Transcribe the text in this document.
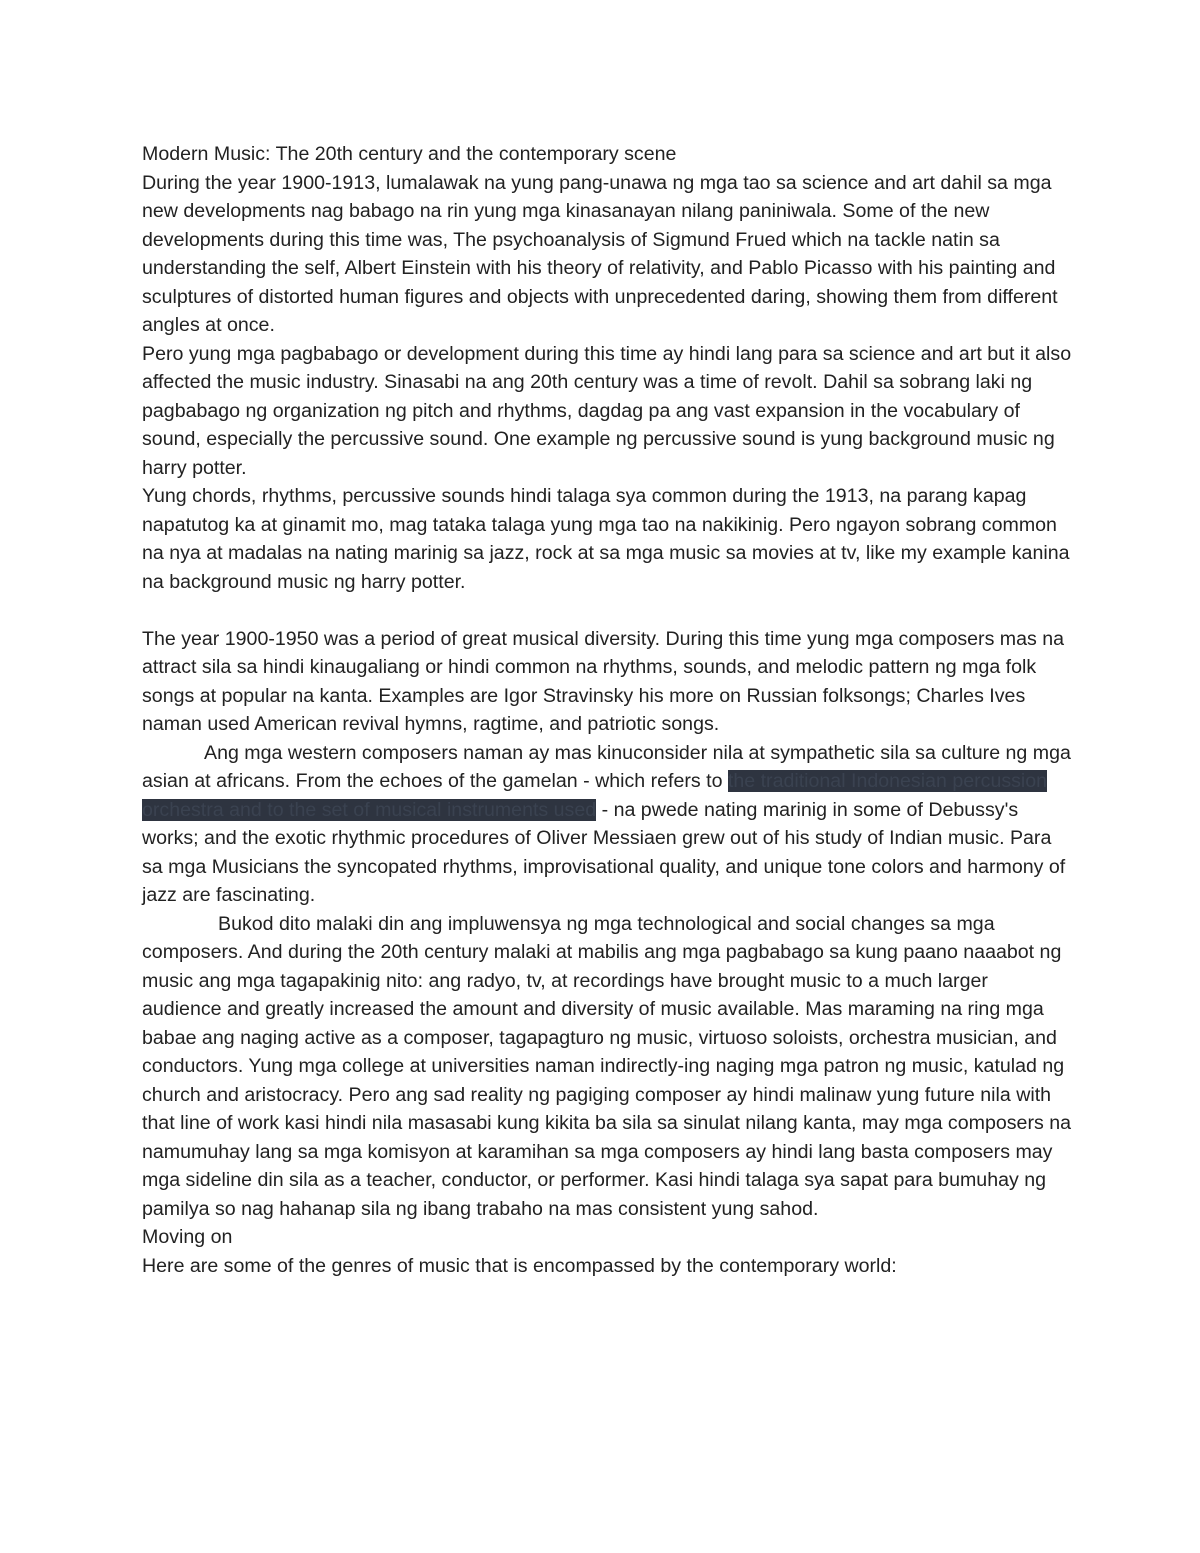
Modern Music: The 20th century and the contemporary scene

During the year 1900-1913, lumalawak na yung pang-unawa ng mga tao sa science and art dahil sa mga new developments nag babago na rin yung mga kinasanayan nilang paniniwala. Some of the new developments during this time was, The psychoanalysis of Sigmund Frued which na tackle natin sa understanding the self, Albert Einstein with his theory of relativity, and Pablo Picasso with his painting and sculptures of distorted human figures and objects with unprecedented daring, showing them from different angles at once.

Pero yung mga pagbabago or development during this time ay hindi lang para sa science and art but it also affected the music industry. Sinasabi na ang 20th century was a time of revolt. Dahil sa sobrang laki ng pagbabago ng organization ng pitch and rhythms, dagdag pa ang vast expansion in the vocabulary of sound, especially the percussive sound. One example ng percussive sound is yung background music ng harry potter.

Yung chords, rhythms, percussive sounds hindi talaga sya common during the 1913, na parang kapag napatutog ka at ginamit mo, mag tataka talaga yung mga tao na nakikinig. Pero ngayon sobrang common na nya at madalas na nating marinig sa jazz, rock at sa mga music sa movies at tv, like my example kanina na background music ng harry potter.

The year 1900-1950 was a period of great musical diversity. During this time yung mga composers mas na attract sila sa hindi kinaugaliang or hindi common na rhythms, sounds, and melodic pattern ng mga folk songs at popular na kanta. Examples are Igor Stravinsky his more on Russian folksongs; Charles Ives naman used American revival hymns, ragtime, and patriotic songs.

Ang mga western composers naman ay mas kinuconsider nila at sympathetic sila sa culture ng mga asian at africans. From the echoes of the gamelan - which refers to the traditional Indonesian percussion orchestra and to the set of musical instruments used - na pwede nating marinig in some of Debussy's works; and the exotic rhythmic procedures of Oliver Messiaen grew out of his study of Indian music. Para sa mga Musicians the syncopated rhythms, improvisational quality, and unique tone colors and harmony of jazz are fascinating.

Bukod dito malaki din ang impluwensya ng mga technological and social changes sa mga composers. And during the 20th century malaki at mabilis ang mga pagbabago sa kung paano naaabot ng music ang mga tagapakinig nito: ang radyo, tv, at recordings have brought music to a much larger audience and greatly increased the amount and diversity of music available. Mas maraming na ring mga babae ang naging active as a composer, tagapagturo ng music, virtuoso soloists, orchestra musician, and conductors. Yung mga college at universities naman indirectly-ing naging mga patron ng music, katulad ng church and aristocracy. Pero ang sad reality ng pagiging composer ay hindi malinaw yung future nila with that line of work kasi hindi nila masasabi kung kikita ba sila sa sinulat nilang kanta, may mga composers na namumuhay lang sa mga komisyon at karamihan sa mga composers ay hindi lang basta composers may mga sideline din sila as a teacher, conductor, or performer. Kasi hindi talaga sya sapat para bumuhay ng pamilya so nag hahanap sila ng ibang trabaho na mas consistent yung sahod.

Moving on

Here are some of the genres of music that is encompassed by the contemporary world:
